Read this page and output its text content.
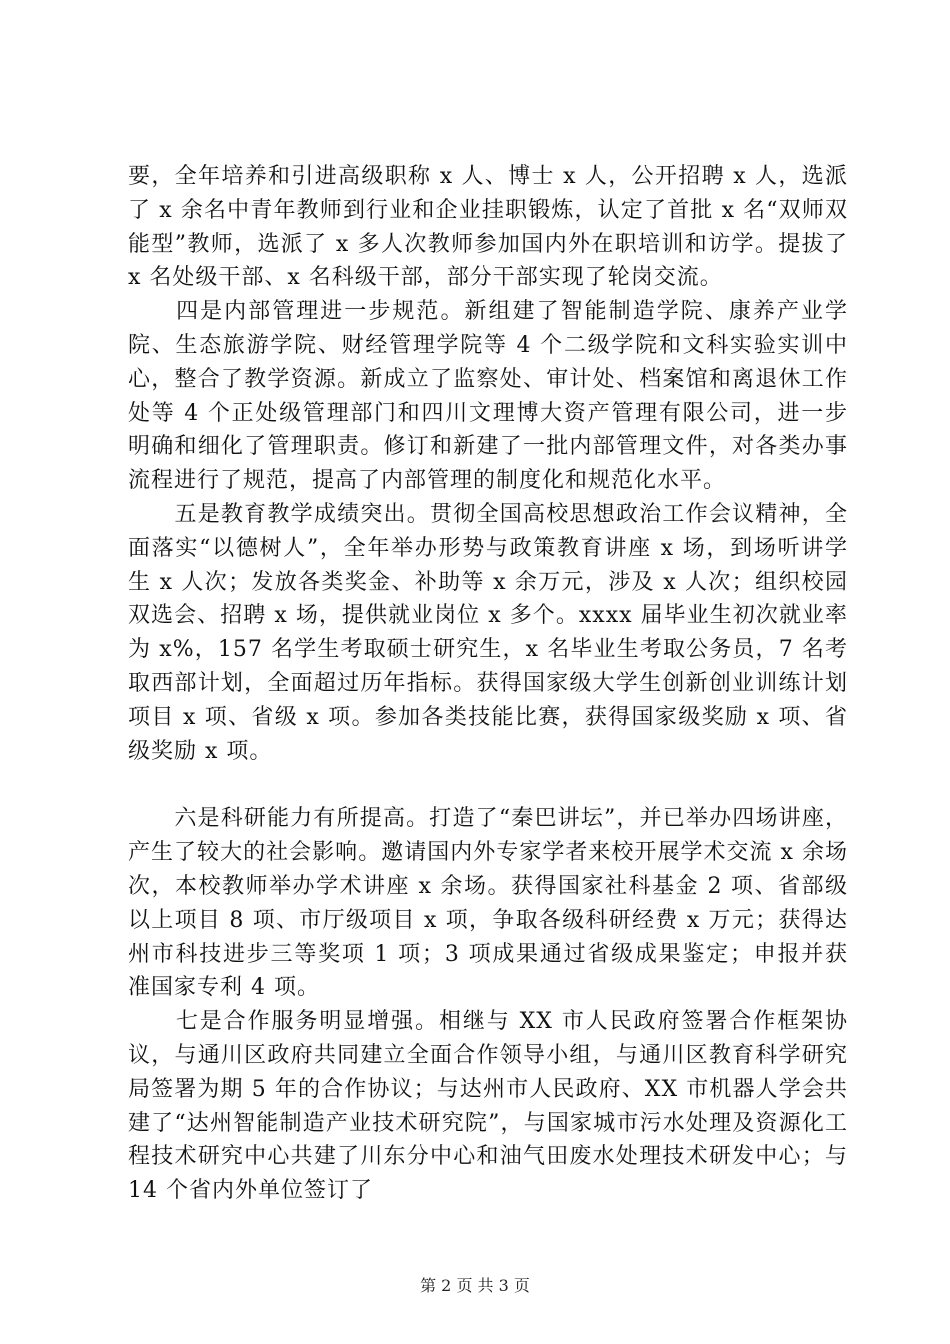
要，全年培养和引进高级职称 x 人、博士 x 人，公开招聘 x 人，选派了 x 余名中青年教师到行业和企业挂职锻炼，认定了首批 x 名“双师双能型”教师，选派了 x 多人次教师参加国内外在职培训和访学。提拔了 x 名处级干部、x 名科级干部，部分干部实现了轮岗交流。

　　四是内部管理进一步规范。新组建了智能制造学院、康养产业学院、生态旅游学院、财经管理学院等 4 个二级学院和文科实验实训中心，整合了教学资源。新成立了监察处、审计处、档案馆和离退休工作处等 4 个正处级管理部门和四川文理博大资产管理有限公司，进一步明确和细化了管理职责。修订和新建了一批内部管理文件，对各类办事流程进行了规范，提高了内部管理的制度化和规范化水平。

　　五是教育教学成绩突出。贯彻全国高校思想政治工作会议精神，全面落实“以德树人”，全年举办形势与政策教育讲座 x 场，到场听讲学生 x 人次；发放各类奖金、补助等 x 余万元，涉及 x 人次；组织校园双选会、招聘 x 场，提供就业岗位 x 多个。xxxx 届毕业生初次就业率为 x%，157 名学生考取硕士研究生，x 名毕业生考取公务员，7 名考取西部计划，全面超过历年指标。获得国家级大学生创新创业训练计划项目 x 项、省级 x 项。参加各类技能比赛，获得国家级奖励 x 项、省级奖励 x 项。

　　六是科研能力有所提高。打造了“秦巴讲坛”，并已举办四场讲座，产生了较大的社会影响。邀请国内外专家学者来校开展学术交流 x 余场次，本校教师举办学术讲座 x 余场。获得国家社科基金 2 项、省部级以上项目 8 项、市厅级项目 x 项，争取各级科研经费 x 万元；获得达州市科技进步三等奖项 1 项；3 项成果通过省级成果鉴定；申报并获准国家专利 4 项。

　　七是合作服务明显增强。相继与 XX 市人民政府签署合作框架协议，与通川区政府共同建立全面合作领导小组，与通川区教育科学研究局签署为期 5 年的合作协议；与达州市人民政府、XX 市机器人学会共建了“达州智能制造产业技术研究院”，与国家城市污水处理及资源化工程技术研究中心共建了川东分中心和油气田废水处理技术研发中心；与 14 个省内外单位签订了

第 2 页 共 3 页
